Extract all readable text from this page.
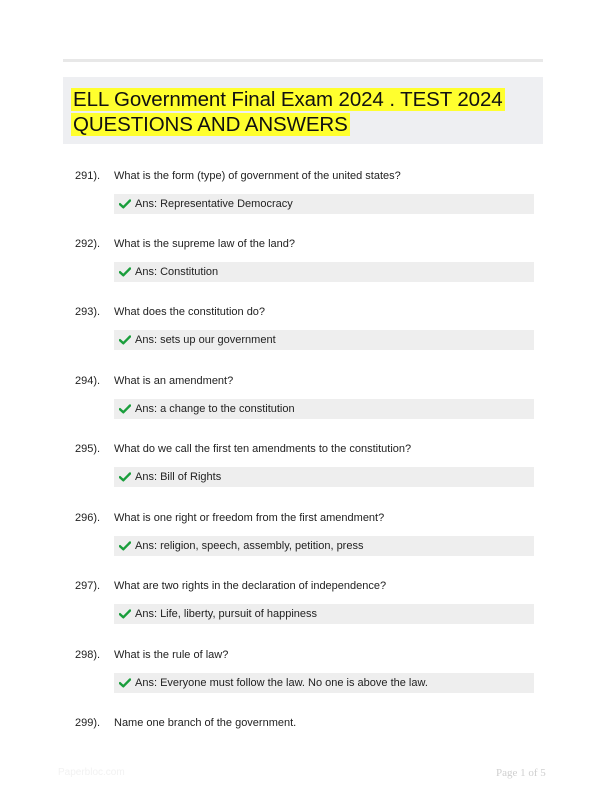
ELL Government Final Exam 2024 . TEST 2024
QUESTIONS AND ANSWERS
291). What is the form (type) of government of the united states?
Ans: Representative Democracy
292). What is the supreme law of the land?
Ans: Constitution
293). What does the constitution do?
Ans: sets up our government
294). What is an amendment?
Ans: a change to the constitution
295). What do we call the first ten amendments to the constitution?
Ans: Bill of Rights
296). What is one right or freedom from the first amendment?
Ans: religion, speech, assembly, petition, press
297). What are two rights in the declaration of independence?
Ans: Life, liberty, pursuit of happiness
298). What is the rule of law?
Ans: Everyone must follow the law. No one is above the law.
299). Name one branch of the government.
Paperbloc.com	Page 1 of 5
